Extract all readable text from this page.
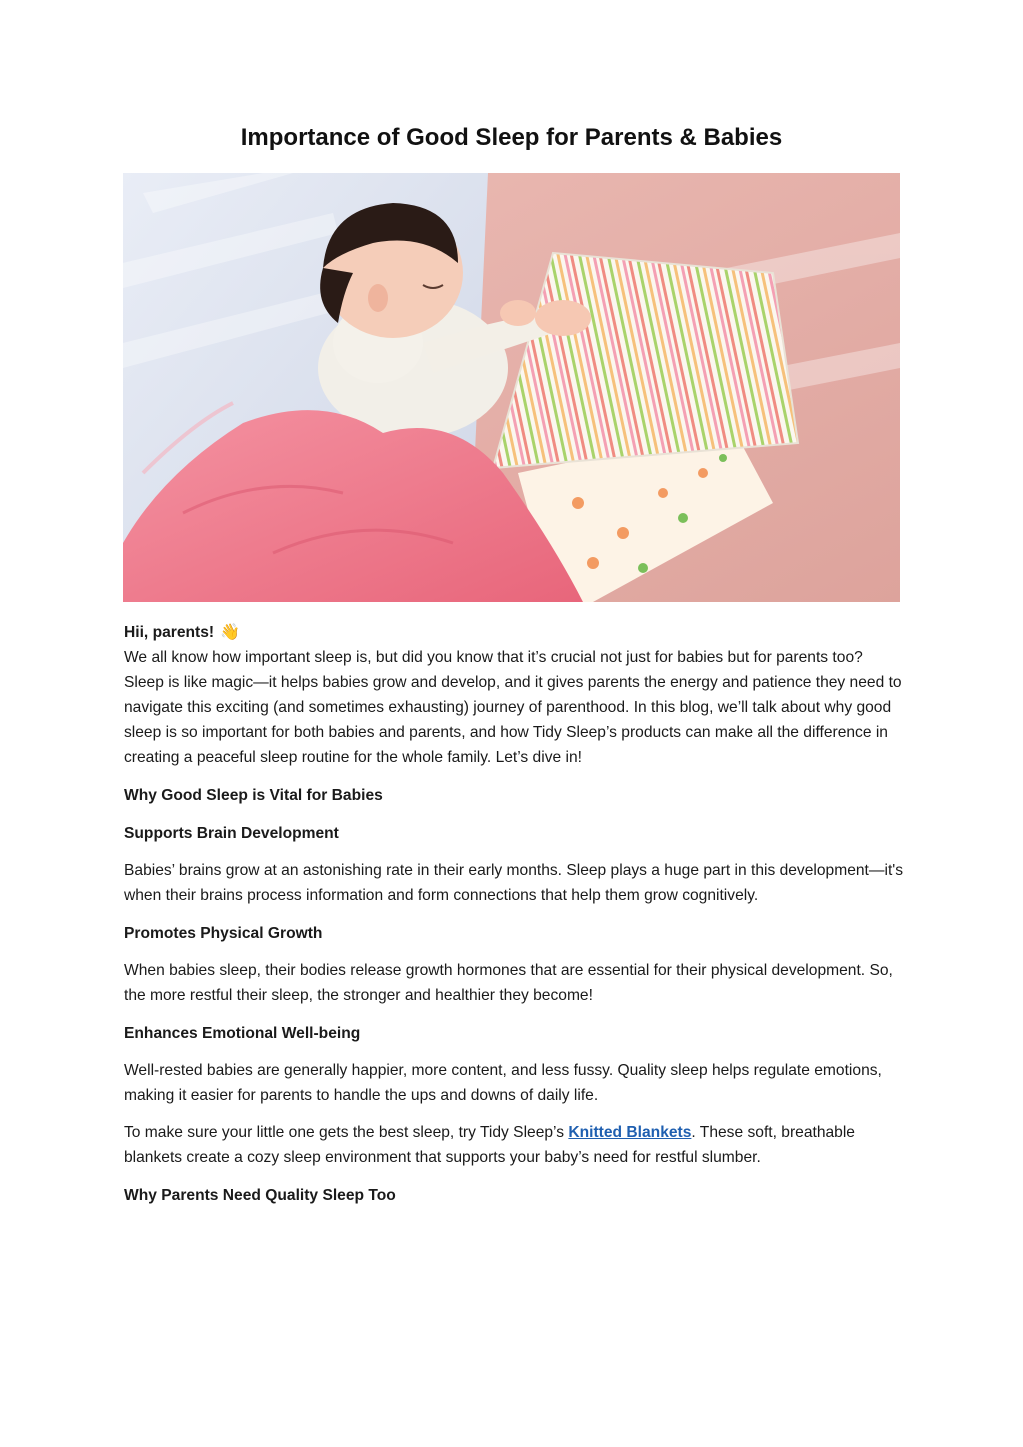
Importance of Good Sleep for Parents & Babies

Hii, parents! 👋

We all know how important sleep is, but did you know that it’s crucial not just for babies but for parents too? Sleep is like magic—it helps babies grow and develop, and it gives parents the energy and patience they need to navigate this exciting (and sometimes exhausting) journey of parenthood. In this blog, we’ll talk about why good sleep is so important for both babies and parents, and how Tidy Sleep’s products can make all the difference in creating a peaceful sleep routine for the whole family. Let’s dive in!

Why Good Sleep is Vital for Babies

Supports Brain Development

Babies’ brains grow at an astonishing rate in their early months. Sleep plays a huge part in this development—it's when their brains process information and form connections that help them grow cognitively.

Promotes Physical Growth

When babies sleep, their bodies release growth hormones that are essential for their physical development. So, the more restful their sleep, the stronger and healthier they become!

Enhances Emotional Well-being

Well-rested babies are generally happier, more content, and less fussy. Quality sleep helps regulate emotions, making it easier for parents to handle the ups and downs of daily life.

To make sure your little one gets the best sleep, try Tidy Sleep’s Knitted Blankets. These soft, breathable blankets create a cozy sleep environment that supports your baby’s need for restful slumber.

Why Parents Need Quality Sleep Too
